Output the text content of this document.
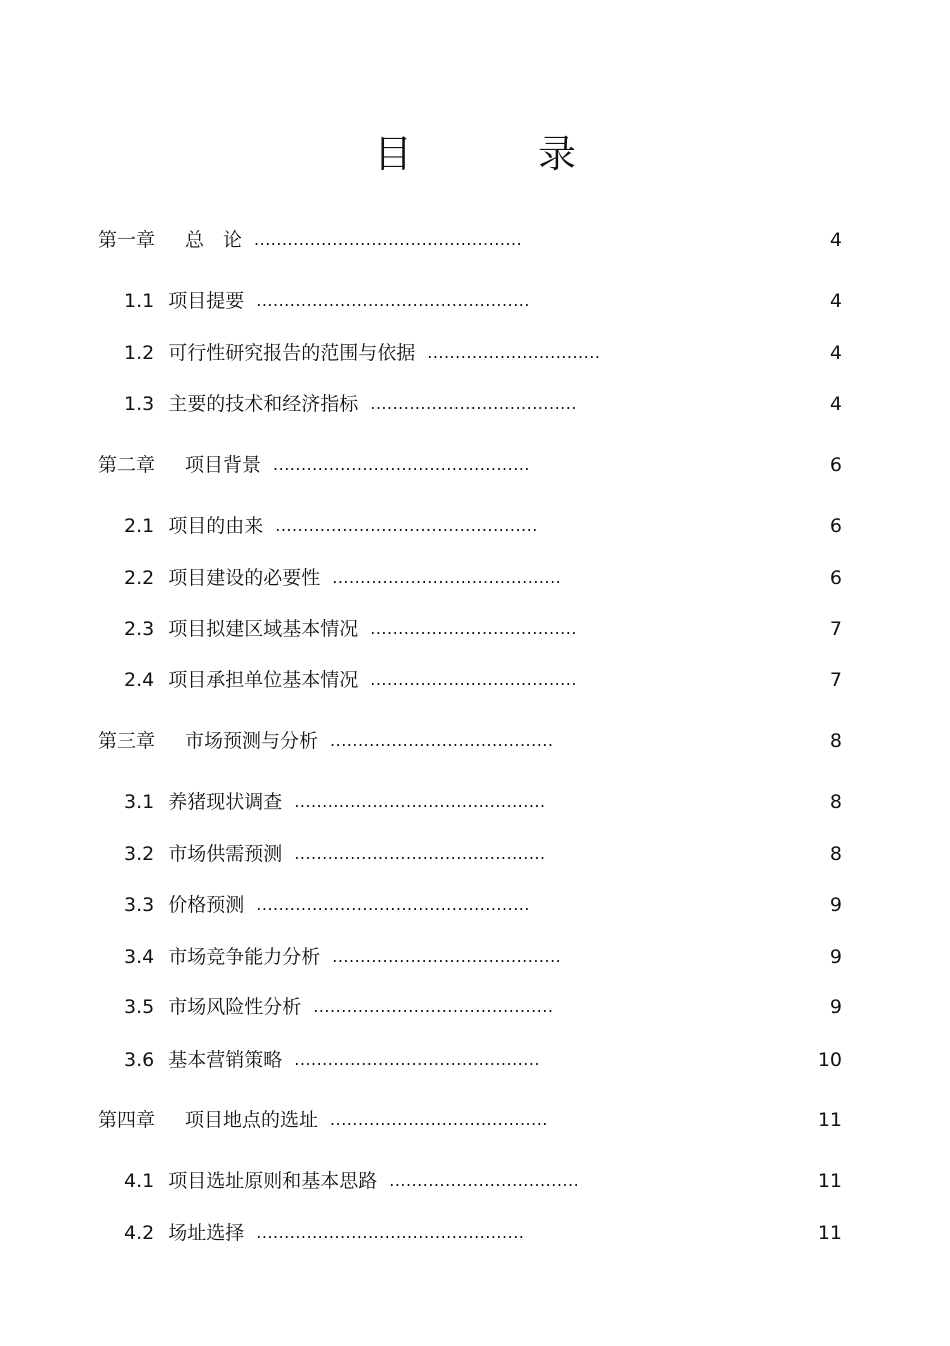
目　录
第一章 总　论 ................................................	4
1.1 项目提要 .................................................	4
1.2 可行性研究报告的范围与依据 ...............................	4
1.3 主要的技术和经济指标 .....................................	4
第二章 项目背景 ..............................................	6
2.1 项目的由来 ...............................................	6
2.2 项目建设的必要性 .........................................	6
2.3 项目拟建区域基本情况 .....................................	7
2.4 项目承担单位基本情况 .....................................	7
第三章 市场预测与分析 ........................................	8
3.1 养猪现状调查 .............................................	8
3.2 市场供需预测 .............................................	8
3.3 价格预测 .................................................	9
3.4 市场竞争能力分析 .........................................	9
3.5 市场风险性分析 ...........................................	9
3.6 基本营销策略 ............................................	10
第四章 项目地点的选址 .......................................	11
4.1 项目选址原则和基本思路 ..................................	11
4.2 场址选择 ................................................	11
